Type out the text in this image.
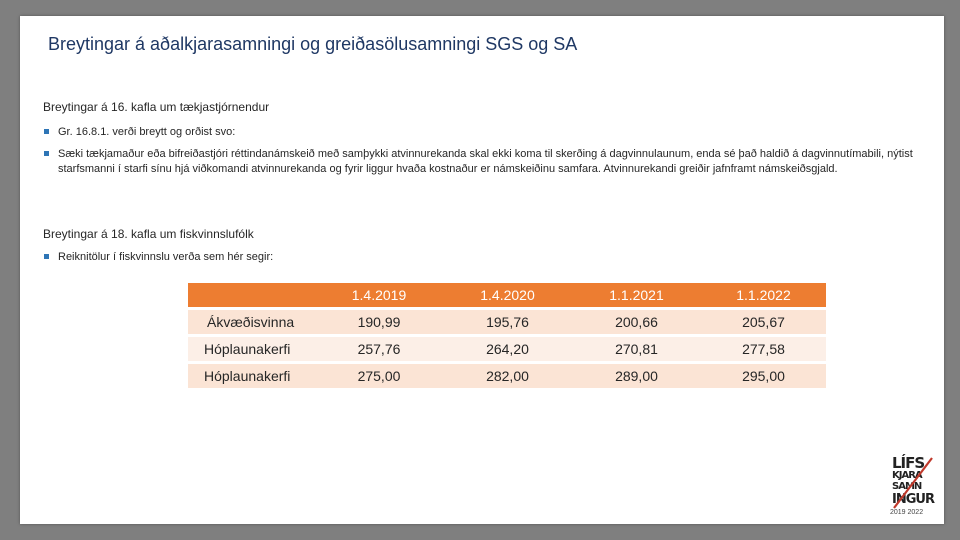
Breytingar á aðalkjarasamningi og greiðasölusamningi SGS og SA
Breytingar á 16. kafla um tækjastjórnendur
Gr. 16.8.1. verði breytt og orðist svo:
Sæki tækjamaður eða bifreiðastjóri réttindanámskeið með samþykki atvinnurekanda skal ekki koma til skerðing á dagvinnulaunum, enda sé það haldið á dagvinnutímabili, nýtist starfsmanni í starfi sínu hjá viðkomandi atvinnurekanda og fyrir liggur hvaða kostnaður er námskeiðinu samfara. Atvinnurekandi greiðir jafnframt námskeiðsgjald.
Breytingar á 18. kafla um fiskvinnslufólk
Reiknitölur í fiskvinnslu verða sem hér segir:
	1.4.2019	1.4.2020	1.1.2021	1.1.2022
Ákvæðisvinna	190,99	195,76	200,66	205,67
Hóplaunakerfi	257,76	264,20	270,81	277,58
Hóplaunakerfi	275,00	282,00	289,00	295,00
LÍFS
KJARA
SAMN
INGUR
2019 2022
